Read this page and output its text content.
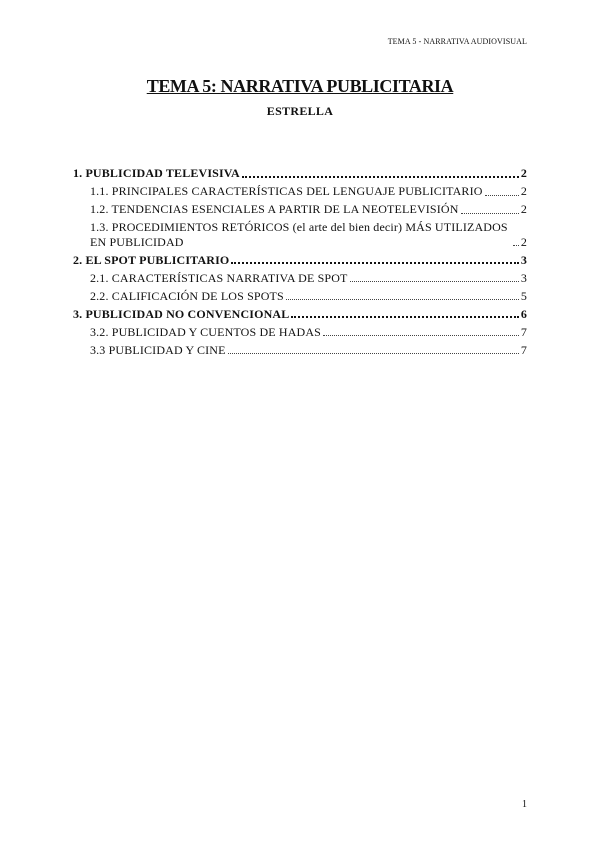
TEMA 5 - NARRATIVA AUDIOVISUAL
TEMA 5: NARRATIVA PUBLICITARIA
ESTRELLA
1. PUBLICIDAD TELEVISIVA	2
1.1. PRINCIPALES CARACTERÍSTICAS DEL LENGUAJE PUBLICITARIO	2
1.2. TENDENCIAS ESENCIALES A PARTIR DE LA NEOTELEVISIÓN	2
1.3. PROCEDIMIENTOS RETÓRICOS (el arte del bien decir) MÁS UTILIZADOS EN PUBLICIDAD	2
2. EL SPOT PUBLICITARIO	3
2.1. CARACTERÍSTICAS NARRATIVA DE SPOT	3
2.2. CALIFICACIÓN DE LOS SPOTS	5
3. PUBLICIDAD NO CONVENCIONAL	6
3.2. PUBLICIDAD Y CUENTOS DE HADAS	7
3.3 PUBLICIDAD Y CINE	7
1
